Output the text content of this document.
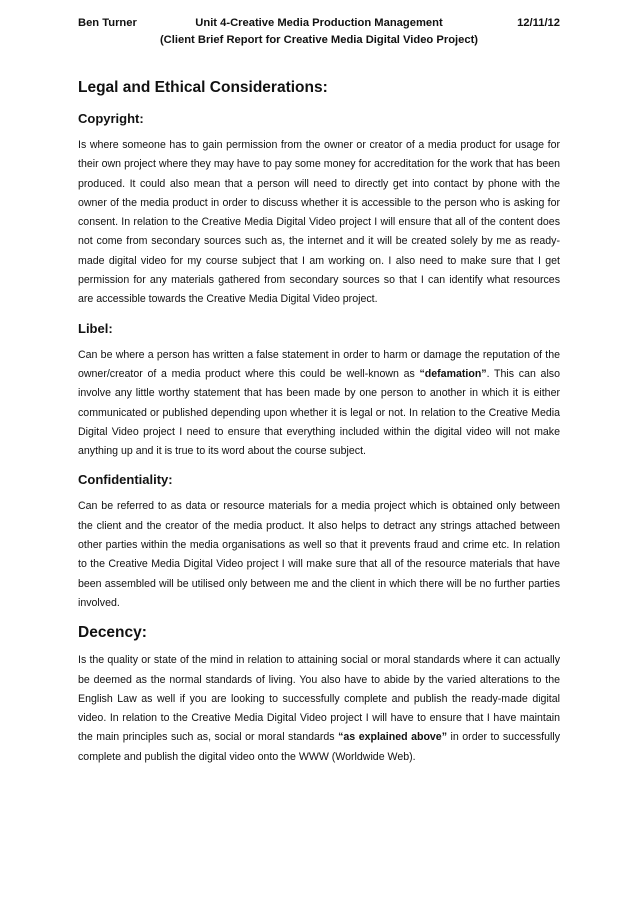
Ben Turner	Unit 4-Creative Media Production Management	12/11/12
(Client Brief Report for Creative Media Digital Video Project)
Legal and Ethical Considerations:
Copyright:

Is where someone has to gain permission from the owner or creator of a media product for usage for their own project where they may have to pay some money for accreditation for the work that has been produced. It could also mean that a person will need to directly get into contact by phone with the owner of the media product in order to discuss whether it is accessible to the person who is asking for consent. In relation to the Creative Media Digital Video project I will ensure that all of the content does not come from secondary sources such as, the internet and it will be created solely by me as ready-made digital video for my course subject that I am working on. I also need to make sure that I get permission for any materials gathered from secondary sources so that I can identify what resources are accessible towards the Creative Media Digital Video project.

Libel:

Can be where a person has written a false statement in order to harm or damage the reputation of the owner/creator of a media product where this could be well-known as “defamation”. This can also involve any little worthy statement that has been made by one person to another in which it is either communicated or published depending upon whether it is legal or not. In relation to the Creative Media Digital Video project I need to ensure that everything included within the digital video will not make anything up and it is true to its word about the course subject.

Confidentiality:

Can be referred to as data or resource materials for a media project which is obtained only between the client and the creator of the media product. It also helps to detract any strings attached between other parties within the media organisations as well so that it prevents fraud and crime etc. In relation to the Creative Media Digital Video project I will make sure that all of the resource materials that have been assembled will be utilised only between me and the client in which there will be no further parties involved.

Decency:

Is the quality or state of the mind in relation to attaining social or moral standards where it can actually be deemed as the normal standards of living. You also have to abide by the varied alterations to the English Law as well if you are looking to successfully complete and publish the ready-made digital video. In relation to the Creative Media Digital Video project I will have to ensure that I have maintain the main principles such as, social or moral standards “as explained above” in order to successfully complete and publish the digital video onto the WWW (Worldwide Web).
